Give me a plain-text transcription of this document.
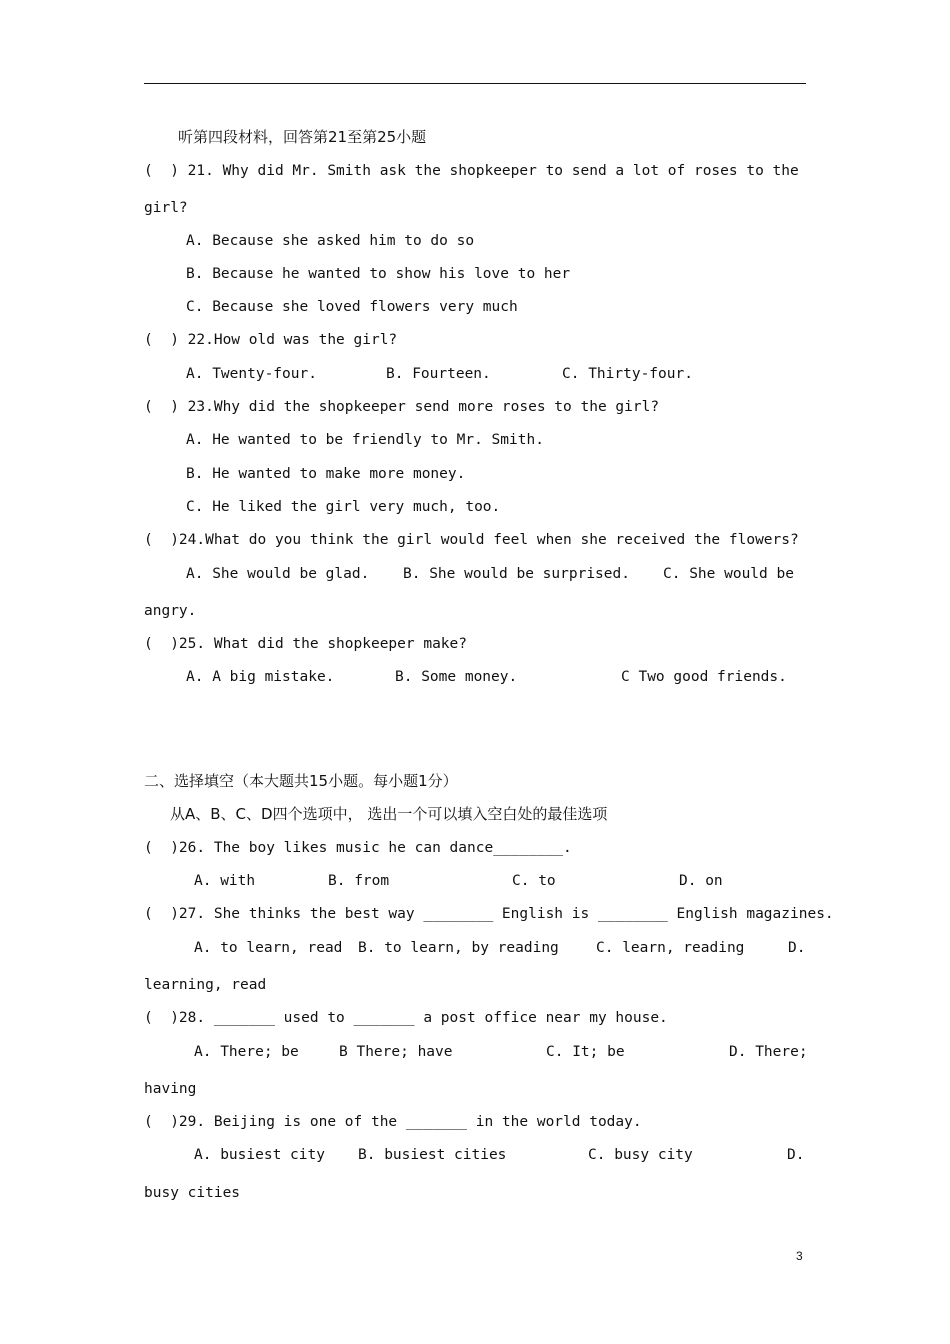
听第四段材料，回答第21至第25小题
(  ) 21. Why did Mr. Smith ask the shopkeeper to send a lot of roses to the
girl?
A. Because she asked him to do so
B. Because he wanted to show his love to her
C. Because she loved flowers very much
(  ) 22.How old was the girl?
A. Twenty-four.	B. Fourteen.	C. Thirty-four.
(  ) 23.Why did the shopkeeper send more roses to the girl?
A. He wanted to be friendly to Mr. Smith.
B. He wanted to make more money.
C. He liked the girl very much, too.
(  )24.What do you think the girl would feel when she received the flowers?
A. She would be glad. B. She would be surprised. C. She would be
angry.
(  )25. What did the shopkeeper make?
A. A big mistake.	B. Some money.	C Two good friends.
二、选择填空（本大题共15小题。每小题1分）
从A、B、C、D四个选项中， 选出一个可以填入空白处的最佳选项
(  )26. The boy likes music he can dance________.
A. with	B. from	C. to	D. on
(  )27. She thinks the best way ________ English is ________ English magazines.
A. to learn, read B. to learn, by reading	C. learn, reading	D.
learning, read
(  )28. _______ used to _______ a post office near my house.
A. There; be	B There; have	C. It; be	D. There;
having
(  )29. Beijing is one of the _______ in the world today.
A. busiest city B. busiest cities	C. busy city	D.
busy cities
3
